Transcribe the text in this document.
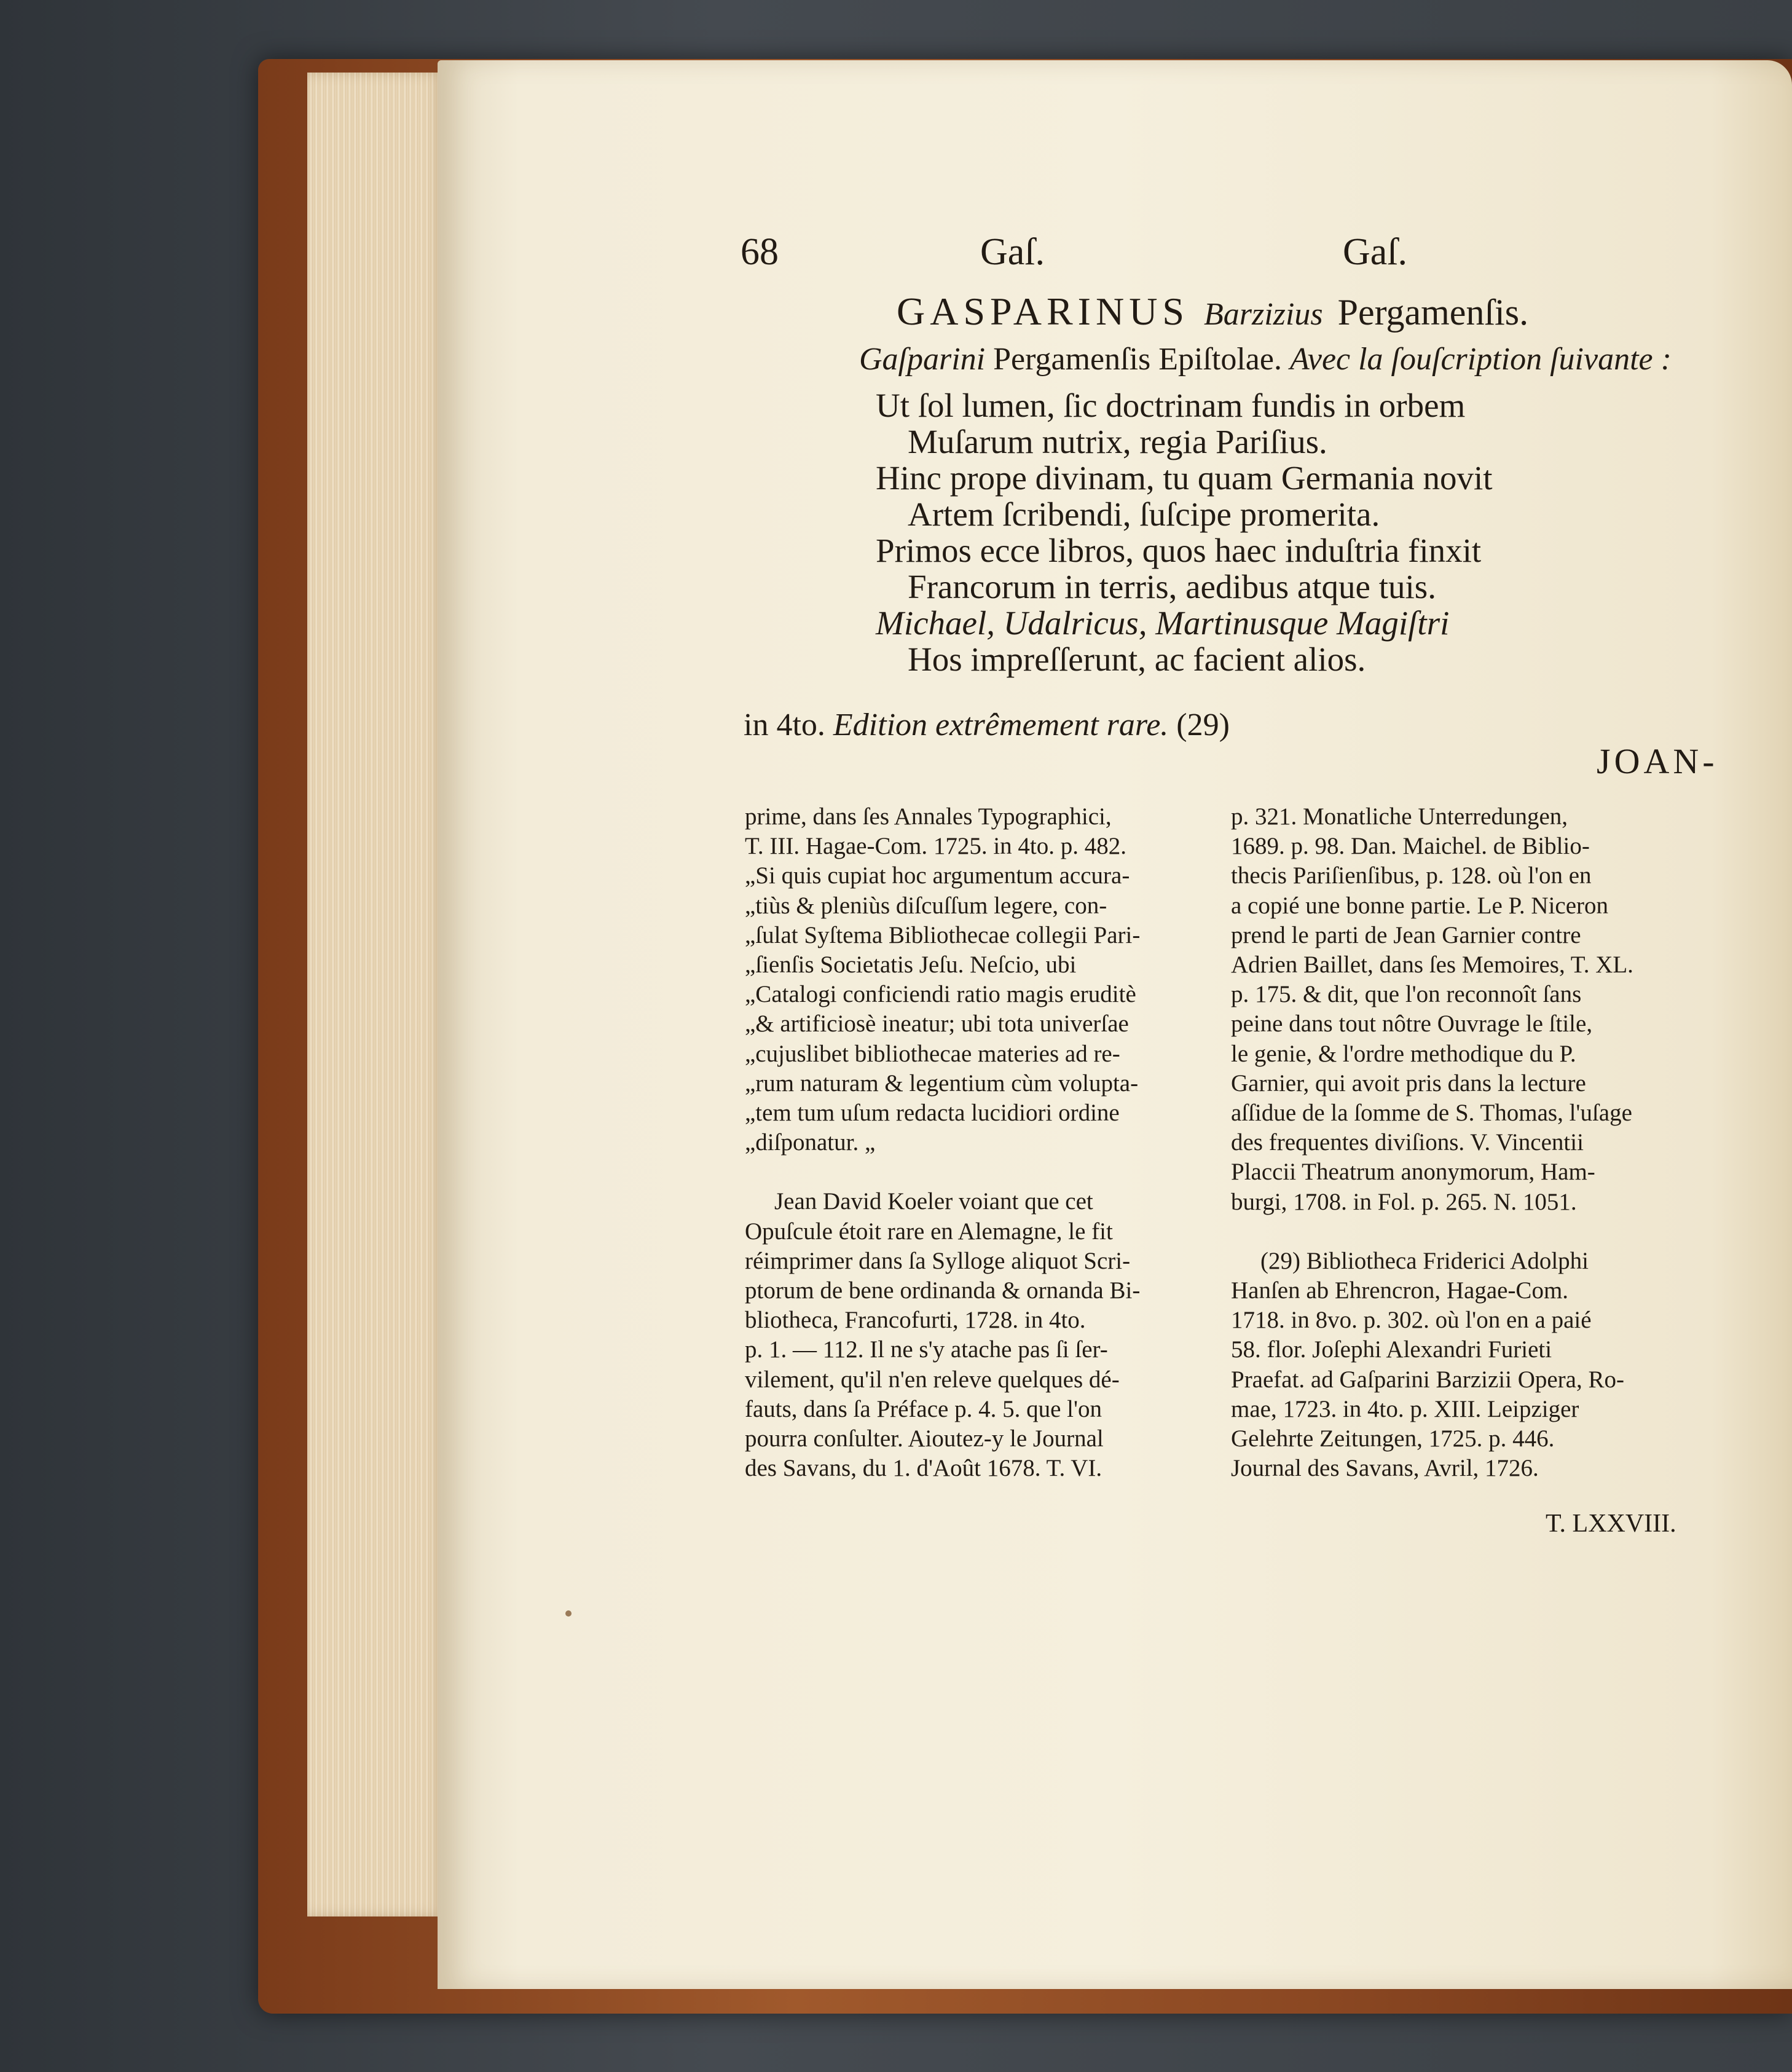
68	Gaſ.	Gaſ.
GASPARINUS Barzizius Pergamenſis.
Gaſparini Pergamenſis Epiſtolae. Avec la ſouſcription ſuivante :
Ut ſol lumen, ſic doctrinam fundis in orbem
Muſarum nutrix, regia Pariſius.
Hinc prope divinam, tu quam Germania novit
Artem ſcribendi, ſuſcipe promerita.
Primos ecce libros, quos haec induſtria finxit
Francorum in terris, aedibus atque tuis.
Michael, Udalricus, Martinusque Magiſtri
Hos impreſſerunt, ac facient alios.
in 4to. Edition extrêmement rare. (29)
JOAN-
prime, dans ſes Annales Typographici,
T. III. Hagae-Com. 1725. in 4to. p. 482.
„Si quis cupiat hoc argumentum accura-
„tiùs & pleniùs diſcuſſum legere, con-
„ſulat Syſtema Bibliothecae collegii Pari-
„ſienſis Societatis Jeſu. Neſcio, ubi
„Catalogi conficiendi ratio magis eruditè
„& artificiosè ineatur; ubi tota univerſae
„cujuslibet bibliothecae materies ad re-
„rum naturam & legentium cùm volupta-
„tem tum uſum redacta lucidiori ordine
„diſponatur. „
Jean David Koeler voiant que cet
Opuſcule étoit rare en Alemagne, le fit
réimprimer dans ſa Sylloge aliquot Scri-
ptorum de bene ordinanda & ornanda Bi-
bliotheca, Francofurti, 1728. in 4to.
p. 1. — 112. Il ne s'y atache pas ſi ſer-
vilement, qu'il n'en releve quelques dé-
fauts, dans ſa Préface p. 4. 5. que l'on
pourra conſulter. Aioutez-y le Journal
des Savans, du 1. d'Août 1678. T. VI.
p. 321. Monatliche Unterredungen,
1689. p. 98. Dan. Maichel. de Biblio-
thecis Pariſienſibus, p. 128. où l'on en
a copié une bonne partie. Le P. Niceron
prend le parti de Jean Garnier contre
Adrien Baillet, dans ſes Memoires, T. XL.
p. 175. & dit, que l'on reconnoît ſans
peine dans tout nôtre Ouvrage le ſtile,
le genie, & l'ordre methodique du P.
Garnier, qui avoit pris dans la lecture
aſſidue de la ſomme de S. Thomas, l'uſage
des frequentes diviſions. V. Vincentii
Placcii Theatrum anonymorum, Ham-
burgi, 1708. in Fol. p. 265. N. 1051.
(29) Bibliotheca Friderici Adolphi
Hanſen ab Ehrencron, Hagae-Com.
1718. in 8vo. p. 302. où l'on en a paié
58. flor. Joſephi Alexandri Furieti
Praefat. ad Gaſparini Barzizii Opera, Ro-
mae, 1723. in 4to. p. XIII. Leipziger
Gelehrte Zeitungen, 1725. p. 446.
Journal des Savans, Avril, 1726.
T. LXXVIII.
